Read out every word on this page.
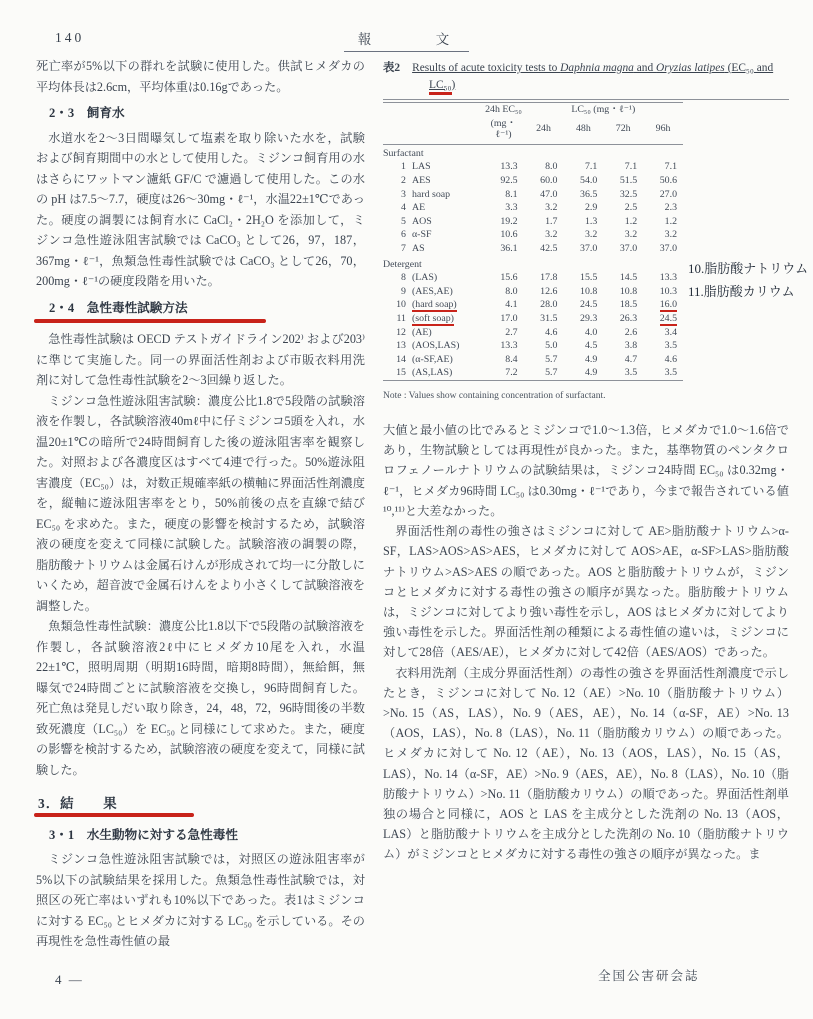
140	報　　　文

死亡率が5%以下の群れを試験に使用した。供試ヒメダカの平均体長は2.6cm，平均体重は0.16gであった。

2・3　飼育水

水道水を2〜3日間曝気して塩素を取り除いた水を，試験および飼育期間中の水として使用した。ミジンコ飼育用の水はさらにワットマン濾紙 GF/C で濾過して使用した。この水の pH は7.5〜7.7，硬度は26〜30mg・ℓ⁻¹，水温22±1℃であった。硬度の調製には飼育水に CaCl₂・2H₂O を添加して，ミジンコ急性遊泳阻害試験では CaCO₃ として26，97，187，367mg・ℓ⁻¹，魚類急性毒性試験では CaCO₃ として26，70，200mg・ℓ⁻¹の硬度段階を用いた。

2・4　急性毒性試験方法

急性毒性試験は OECD テストガイドライン202⁾ および203⁾ に準じて実施した。同一の界面活性剤および市販衣料用洗剤に対して急性毒性試験を2〜3回繰り返した。

ミジンコ急性遊泳阻害試験：濃度公比1.8で5段階の試験溶液を作製し，各試験溶液40mℓ中に仔ミジンコ5頭を入れ，水温20±1℃の暗所で24時間飼育した後の遊泳阻害率を観察した。対照および各濃度区はすべて4連で行った。50%遊泳阻害濃度（EC₅₀）は，対数正規確率紙の横軸に界面活性剤濃度を，縦軸に遊泳阻害率をとり，50%前後の点を直線で結び EC₅₀ を求めた。また，硬度の影響を検討するため，試験溶液の硬度を変えて同様に試験した。試験溶液の調製の際，脂肪酸ナトリウムは金属石けんが形成されて均一に分散しにいくため，超音波で金属石けんをより小さくして試験溶液を調整した。

魚類急性毒性試験：濃度公比1.8以下で5段階の試験溶液を作製し，各試験溶液2ℓ中にヒメダカ10尾を入れ，水温22±1℃，照明周期（明期16時間，暗期8時間），無給餌，無曝気で24時間ごとに試験溶液を交換し，96時間飼育した。死亡魚は発見しだい取り除き，24，48，72，96時間後の半数致死濃度（LC₅₀）を EC₅₀ と同様にして求めた。また，硬度の影響を検討するため，試験溶液の硬度を変えて，同様に試験した。

3．結　　果
3・1　水生動物に対する急性毒性

ミジンコ急性遊泳阻害試験では，対照区の遊泳阻害率が5%以下の試験結果を採用した。魚類急性毒性試験では，対照区の死亡率はいずれも10%以下であった。表1はミジンコに対する EC₅₀ とヒメダカに対する LC₅₀ を示している。その再現性を急性毒性値の最

表2 Results of acute toxicity tests to Daphnia magna and Oryzias latipes (EC₅₀ and LC₅₀)
		24h EC₅₀	LC₅₀ (mg・ℓ⁻¹)			
		(mg・ℓ⁻¹)	24h	48h	72h	96h
Surfactant						
1	LAS	13.3	8.0	7.1	7.1	7.1
2	AES	92.5	60.0	54.0	51.5	50.6
3	hard soap	8.1	47.0	36.5	32.5	27.0
4	AE	3.3	3.2	2.9	2.5	2.3
5	AOS	19.2	1.7	1.3	1.2	1.2
6	α-SF	10.6	3.2	3.2	3.2	3.2
7	AS	36.1	42.5	37.0	37.0	37.0
Detergent						
8	(LAS)	15.6	17.8	15.5	14.5	13.3
9	(AES,AE)	8.0	12.6	10.8	10.8	10.3
10	(hard soap)	4.1	28.0	24.5	18.5	16.0
11	(soft soap)	17.0	31.5	29.3	26.3	24.5
12	(AE)	2.7	4.6	4.0	2.6	3.4
13	(AOS,LAS)	13.3	5.0	4.5	3.8	3.5
14	(α-SF,AE)	8.4	5.7	4.9	4.7	4.6
15	(AS,LAS)	7.2	5.7	4.9	3.5	3.5
Note : Values show containing concentration of surfactant.

大値と最小値の比でみるとミジンコで1.0〜1.3倍，ヒメダカで1.0〜1.6倍であり，生物試験としては再現性が良かった。また，基準物質のペンタクロロフェノールナトリウムの試験結果は，ミジンコ24時間 EC₅₀ は0.32mg・ℓ⁻¹，ヒメダカ96時間 LC₅₀ は0.30mg・ℓ⁻¹であり，今まで報告されている値¹⁰,¹¹⁾と大差なかった。

界面活性剤の毒性の強さはミジンコに対して AE>脂肪酸ナトリウム>α-SF，LAS>AOS>AS>AES，ヒメダカに対して AOS>AE，α-SF>LAS>脂肪酸ナトリウム>AS>AES の順であった。AOS と脂肪酸ナトリウムが，ミジンコとヒメダカに対する毒性の強さの順序が異なった。脂肪酸ナトリウムは，ミジンコに対してより強い毒性を示し，AOS はヒメダカに対してより強い毒性を示した。界面活性剤の種類による毒性値の違いは，ミジンコに対して28倍（AES/AE），ヒメダカに対して42倍（AES/AOS）であった。

衣料用洗剤（主成分界面活性剤）の毒性の強さを界面活性剤濃度で示したとき，ミジンコに対して No. 12（AE）>No. 10（脂肪酸ナトリウム）>No. 15（AS，LAS），No. 9（AES，AE），No. 14（α-SF，AE）>No. 13（AOS，LAS），No. 8（LAS），No. 11（脂肪酸カリウム）の順であった。ヒメダカに対して No. 12（AE），No. 13（AOS，LAS），No. 15（AS，LAS），No. 14（α-SF，AE）>No. 9（AES，AE），No. 8（LAS），No. 10（脂肪酸ナトリウム）>No. 11（脂肪酸カリウム）の順であった。界面活性剤単独の場合と同様に，AOS と LAS を主成分とした洗剤の No. 13（AOS，LAS）と脂肪酸ナトリウムを主成分とした洗剤の No. 10（脂肪酸ナトリウム）がミジンコとヒメダカに対する毒性の強さの順序が異なった。ま

10.脂肪酸ナトリウム
11.脂肪酸カリウム
4 —	全国公害研会誌
